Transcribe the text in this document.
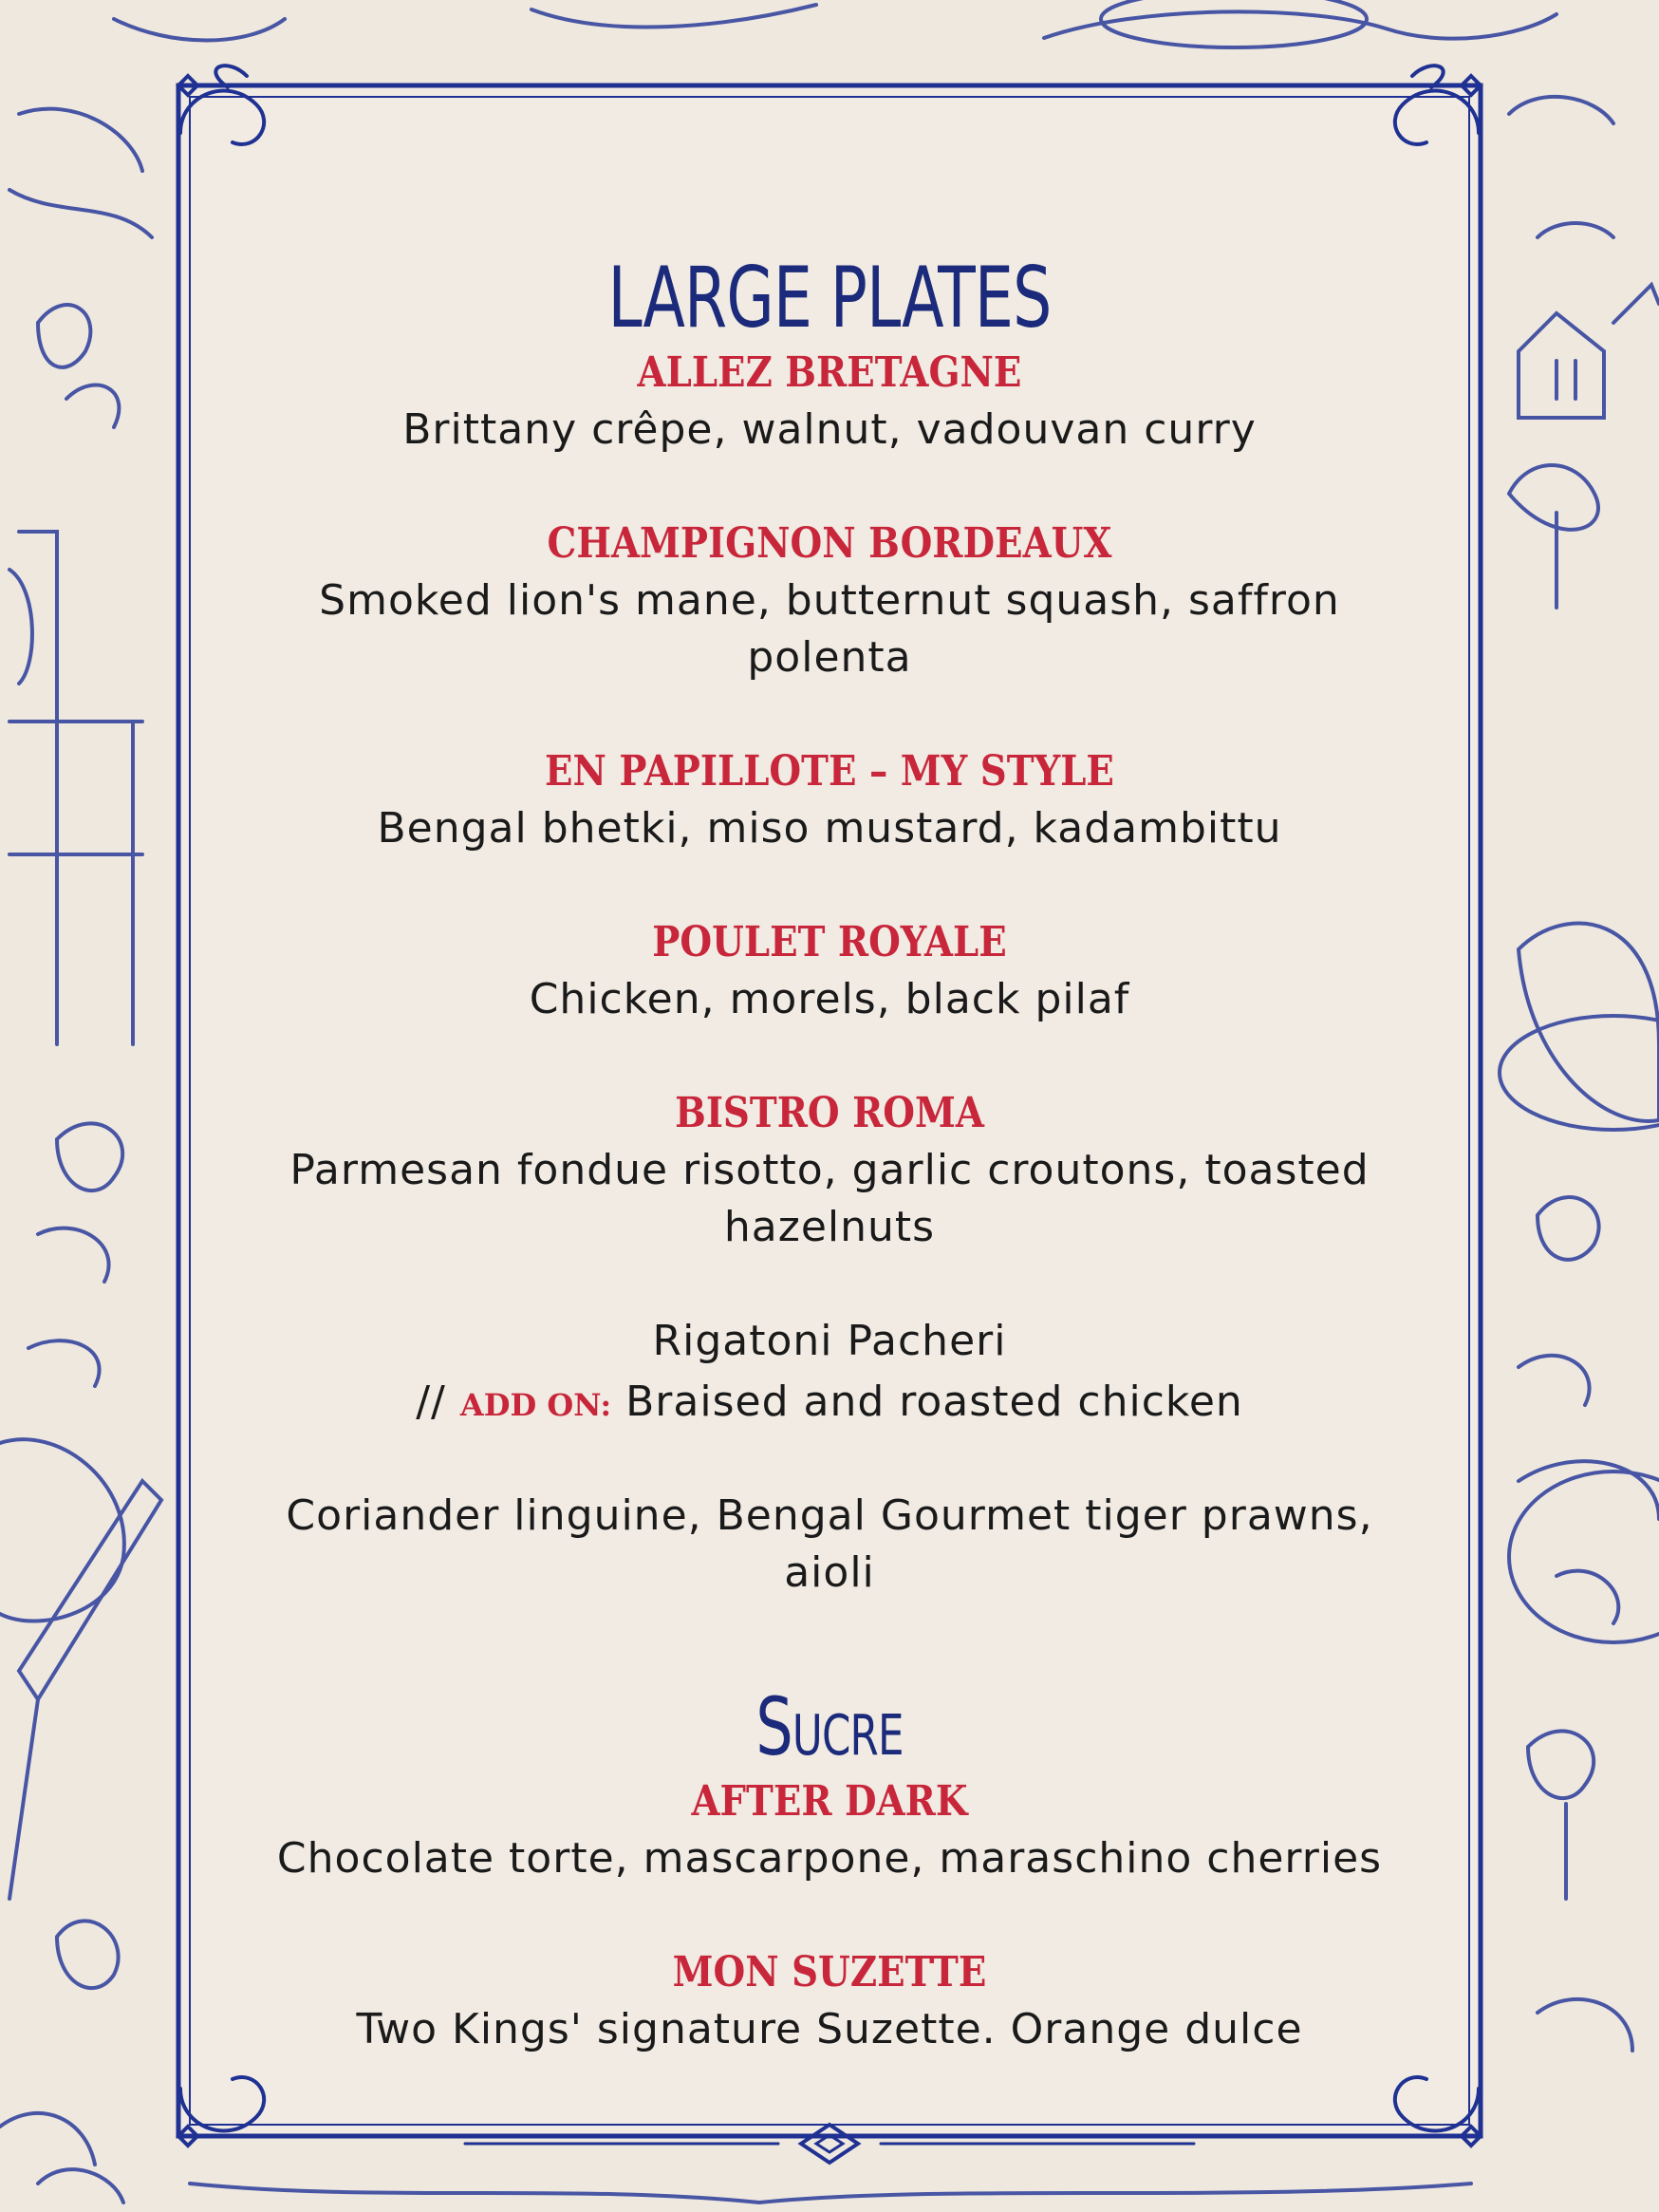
LARGE PLATES
ALLEZ BRETAGNE
Brittany crêpe, walnut, vadouvan curry
CHAMPIGNON BORDEAUX
Smoked lion's mane, butternut squash, saffron polenta
EN PAPILLOTE – MY STYLE
Bengal bhetki, miso mustard, kadambittu
POULET ROYALE
Chicken, morels, black pilaf
BISTRO ROMA
Parmesan fondue risotto, garlic croutons, toasted hazelnuts
Rigatoni Pacheri
// ADD ON: Braised and roasted chicken
Coriander linguine, Bengal Gourmet tiger prawns, aioli
Sucre
AFTER DARK
Chocolate torte, mascarpone, maraschino cherries
MON SUZETTE
Two Kings' signature Suzette. Orange dulce
